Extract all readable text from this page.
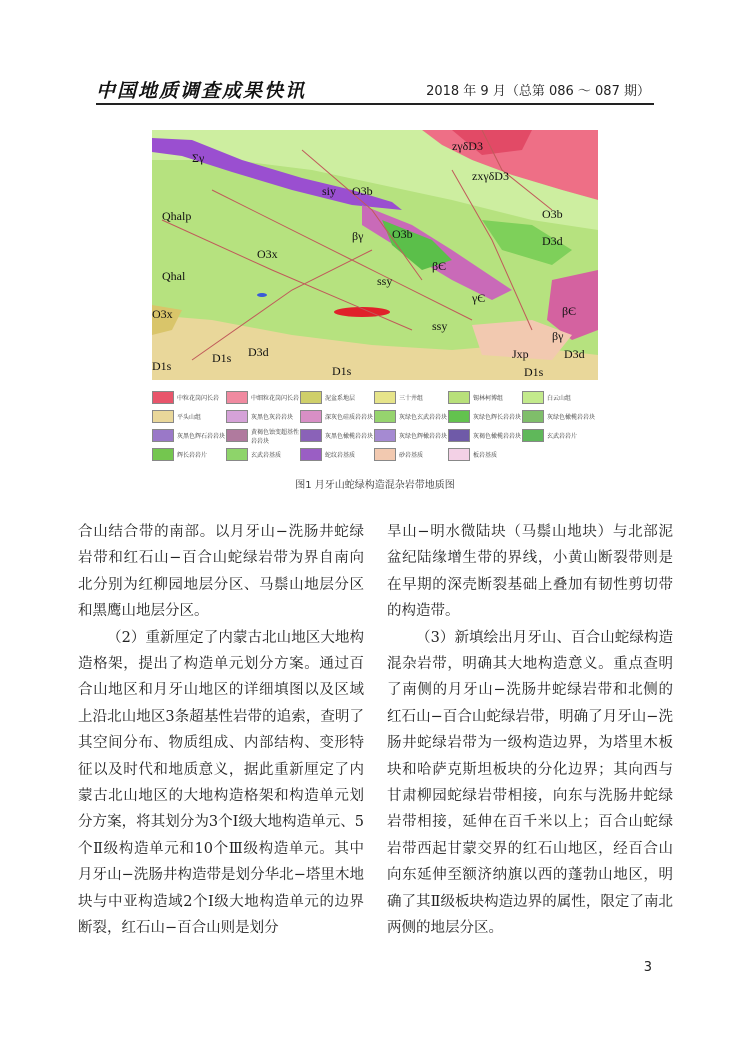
中国地质调查成果快讯	2018 年 9 月（总第 086 ～ 087 期）
Σγ
zγδD3
zxγδD3
siy O3b
Qhalp
βγ
O3x
O3b
O3b
D3d
βЄ
Qhal	ssy
γЄ
βЄ
O3x
ssy
βγ
D1s
D1s D3d
D1s
Jxp	D3d
D1s
中粒花岗闪长岩	中细粒花岗闪长岩	泥盆系地层	三十井组	锡林柯博组	白云山组
平头山组	灰黑色灰岩岩块	深灰色硅质岩岩块	灰绿色玄武岩岩块	灰绿色辉长岩岩块	灰绿色橄榄岩岩块
灰黑色辉石岩岩块
黄褐色蚀变超基性岩岩块
灰黑色橄榄岩岩块	灰绿色辉橄岩岩块	灰褐色橄榄岩岩块	玄武岩岩片
辉长岩岩片	玄武岩基质	蛇纹岩基质	砂岩基质	板岩基质
图1 月牙山蛇绿构造混杂岩带地质图

合山结合带的南部。以月牙山−洗肠井蛇绿岩带和红石山−百合山蛇绿岩带为界自南向北分别为红柳园地层分区、马鬃山地层分区和黑鹰山地层分区。

（2）重新厘定了内蒙古北山地区大地构造格架，提出了构造单元划分方案。通过百合山地区和月牙山地区的详细填图以及区域上沿北山地区3条超基性岩带的追索，查明了其空间分布、物质组成、内部结构、变形特征以及时代和地质意义，据此重新厘定了内蒙古北山地区的大地构造格架和构造单元划分方案，将其划分为3个Ⅰ级大地构造单元、5个Ⅱ级构造单元和10个Ⅲ级构造单元。其中月牙山−洗肠井构造带是划分华北−塔里木地块与中亚构造域2个Ⅰ级大地构造单元的边界断裂，红石山−百合山则是划分

旱山−明水微陆块（马鬃山地块）与北部泥盆纪陆缘增生带的界线，小黄山断裂带则是在早期的深壳断裂基础上叠加有韧性剪切带的构造带。

（3）新填绘出月牙山、百合山蛇绿构造混杂岩带，明确其大地构造意义。重点查明了南侧的月牙山−洗肠井蛇绿岩带和北侧的红石山−百合山蛇绿岩带，明确了月牙山−洗肠井蛇绿岩带为一级构造边界，为塔里木板块和哈萨克斯坦板块的分化边界；其向西与甘肃柳园蛇绿岩带相接，向东与洗肠井蛇绿岩带相接，延伸在百千米以上；百合山蛇绿岩带西起甘蒙交界的红石山地区，经百合山向东延伸至额济纳旗以西的蓬勃山地区，明确了其Ⅱ级板块构造边界的属性，限定了南北两侧的地层分区。

3
